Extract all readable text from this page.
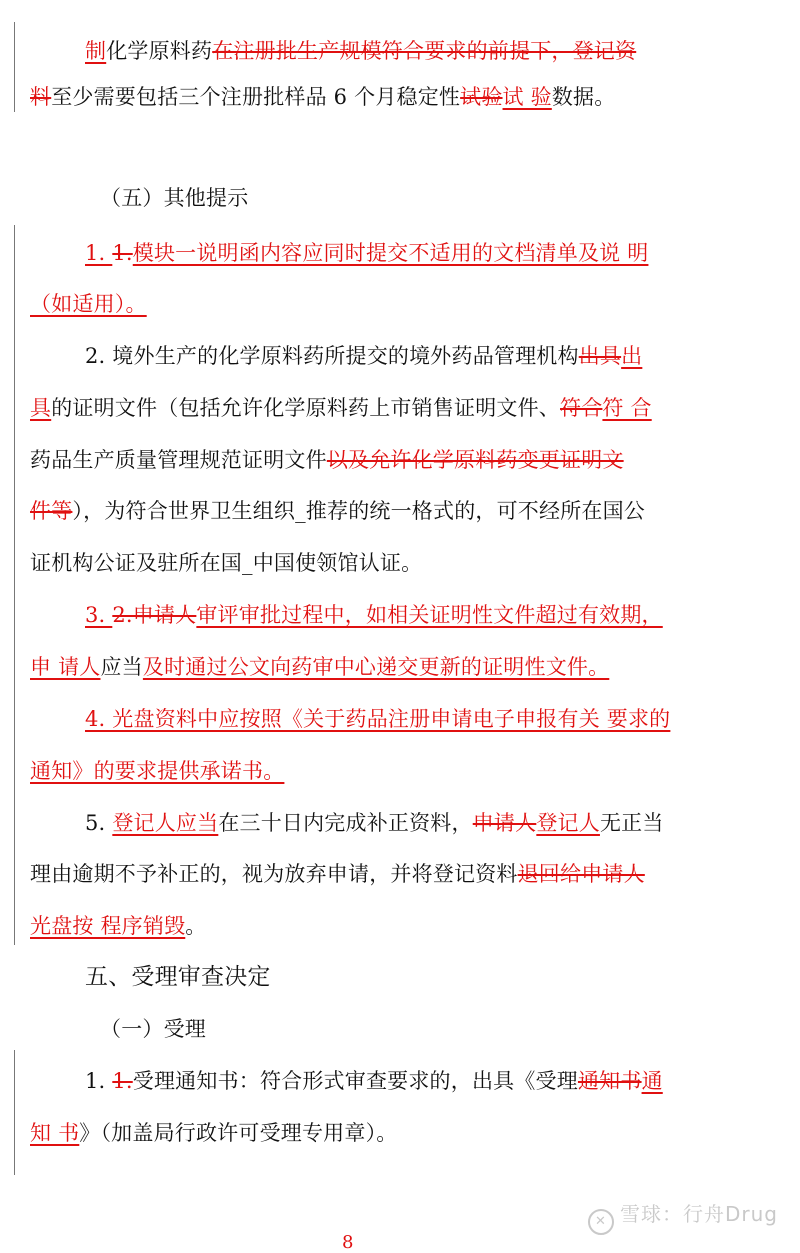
制化学原料药在注册批生产规模符合要求的前提下，登记资
料至少需要包括三个注册批样品 6 个月稳定性试验试 验数据。
（五）其他提示
1. 1.模块一说明函内容应同时提交不适用的文档清单及说 明
（如适用）。
2. 境外生产的化学原料药所提交的境外药品管理机构出具出
具的证明文件（包括允许化学原料药上市销售证明文件、符合符 合
药品生产质量管理规范证明文件以及允许化学原料药变更证明文
件等），为符合世界卫生组织_推荐的统一格式的，可不经所在国公
证机构公证及驻所在国_中国使领馆认证。
3. 2.申请人审评审批过程中，如相关证明性文件超过有效期，
申 请人应当及时通过公文向药审中心递交更新的证明性文件。
4. 光盘资料中应按照《关于药品注册申请电子申报有关 要求的
通知》的要求提供承诺书。
5. 登记人应当在三十日内完成补正资料，申请人登记人无正当
理由逾期不予补正的，视为放弃申请，并将登记资料退回给申请人
光盘按 程序销毁。
五、受理审查决定
（一）受理
1. 1.受理通知书：符合形式审查要求的，出具《受理通知书通
知 书》（加盖局行政许可受理专用章）。
✕ 雪球：行舟Drug
8
